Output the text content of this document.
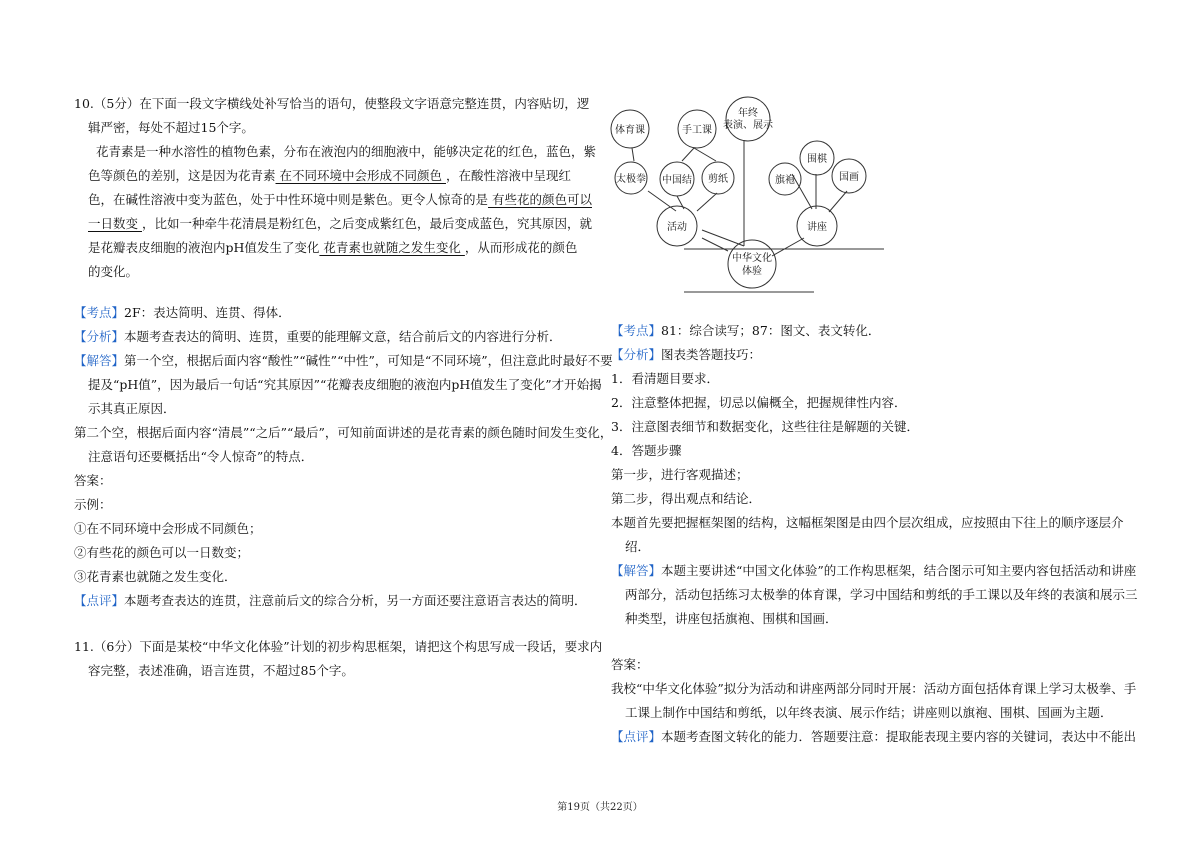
10.（5分）在下面一段文字横线处补写恰当的语句，使整段文字语意完整连贯，内容贴切，逻
辑严密，每处不超过15个字。
花青素是一种水溶性的植物色素，分布在液泡内的细胞液中，能够决定花的红色，蓝色，紫
色等颜色的差别，这是因为花青素 在不同环境中会形成不同颜色 ，在酸性溶液中呈现红
色，在碱性溶液中变为蓝色，处于中性环境中则是紫色。更令人惊奇的是 有些花的颜色可以
一日数变 ，比如一种牵牛花清晨是粉红色，之后变成紫红色，最后变成蓝色，究其原因，就
是花瓣表皮细胞的液泡内pH值发生了变化 花青素也就随之发生变化 ，从而形成花的颜色
的变化。
【考点】2F：表达简明、连贯、得体．
【分析】本题考查表达的简明、连贯，重要的能理解文意，结合前后文的内容进行分析．
【解答】第一个空，根据后面内容“酸性”“碱性”“中性”，可知是“不同环境”，但注意此时最好不要
提及“pH值”，因为最后一句话“究其原因”“花瓣表皮细胞的液泡内pH值发生了变化”才开始揭
示其真正原因．
第二个空，根据后面内容“清晨”“之后”“最后”，可知前面讲述的是花青素的颜色随时间发生变化，
注意语句还要概括出“令人惊奇”的特点．
答案：
示例：
①在不同环境中会形成不同颜色；
②有些花的颜色可以一日数变；
③花青素也就随之发生变化．
【点评】本题考查表达的连贯，注意前后文的综合分析，另一方面还要注意语言表达的简明．
11.（6分）下面是某校“中华文化体验”计划的初步构思框架，请把这个构思写成一段话，要求内
容完整，表述准确，语言连贯，不超过85个字。
体育课	手工课
年终
表演、展示
太极拳 中国结 剪纸
活动
围棋
旗袍	国画
讲座
中华文化
体验
【考点】81：综合读写；87：图文、表文转化．
【分析】图表类答题技巧：
1．看清题目要求．
2．注意整体把握，切忌以偏概全，把握规律性内容．
3．注意图表细节和数据变化，这些往往是解题的关键．
4．答题步骤
第一步，进行客观描述；
第二步，得出观点和结论．
本题首先要把握框架图的结构，这幅框架图是由四个层次组成，应按照由下往上的顺序逐层介
绍．
【解答】本题主要讲述“中国文化体验”的工作构思框架，结合图示可知主要内容包括活动和讲座
两部分，活动包括练习太极拳的体育课，学习中国结和剪纸的手工课以及年终的表演和展示三
种类型，讲座包括旗袍、围棋和国画．
答案：
我校“中华文化体验”拟分为活动和讲座两部分同时开展：活动方面包括体育课上学习太极拳、手
工课上制作中国结和剪纸，以年终表演、展示作结；讲座则以旗袍、围棋、国画为主题．
【点评】本题考查图文转化的能力．答题要注意：提取能表现主要内容的关键词，表达中不能出
第19页（共22页）
